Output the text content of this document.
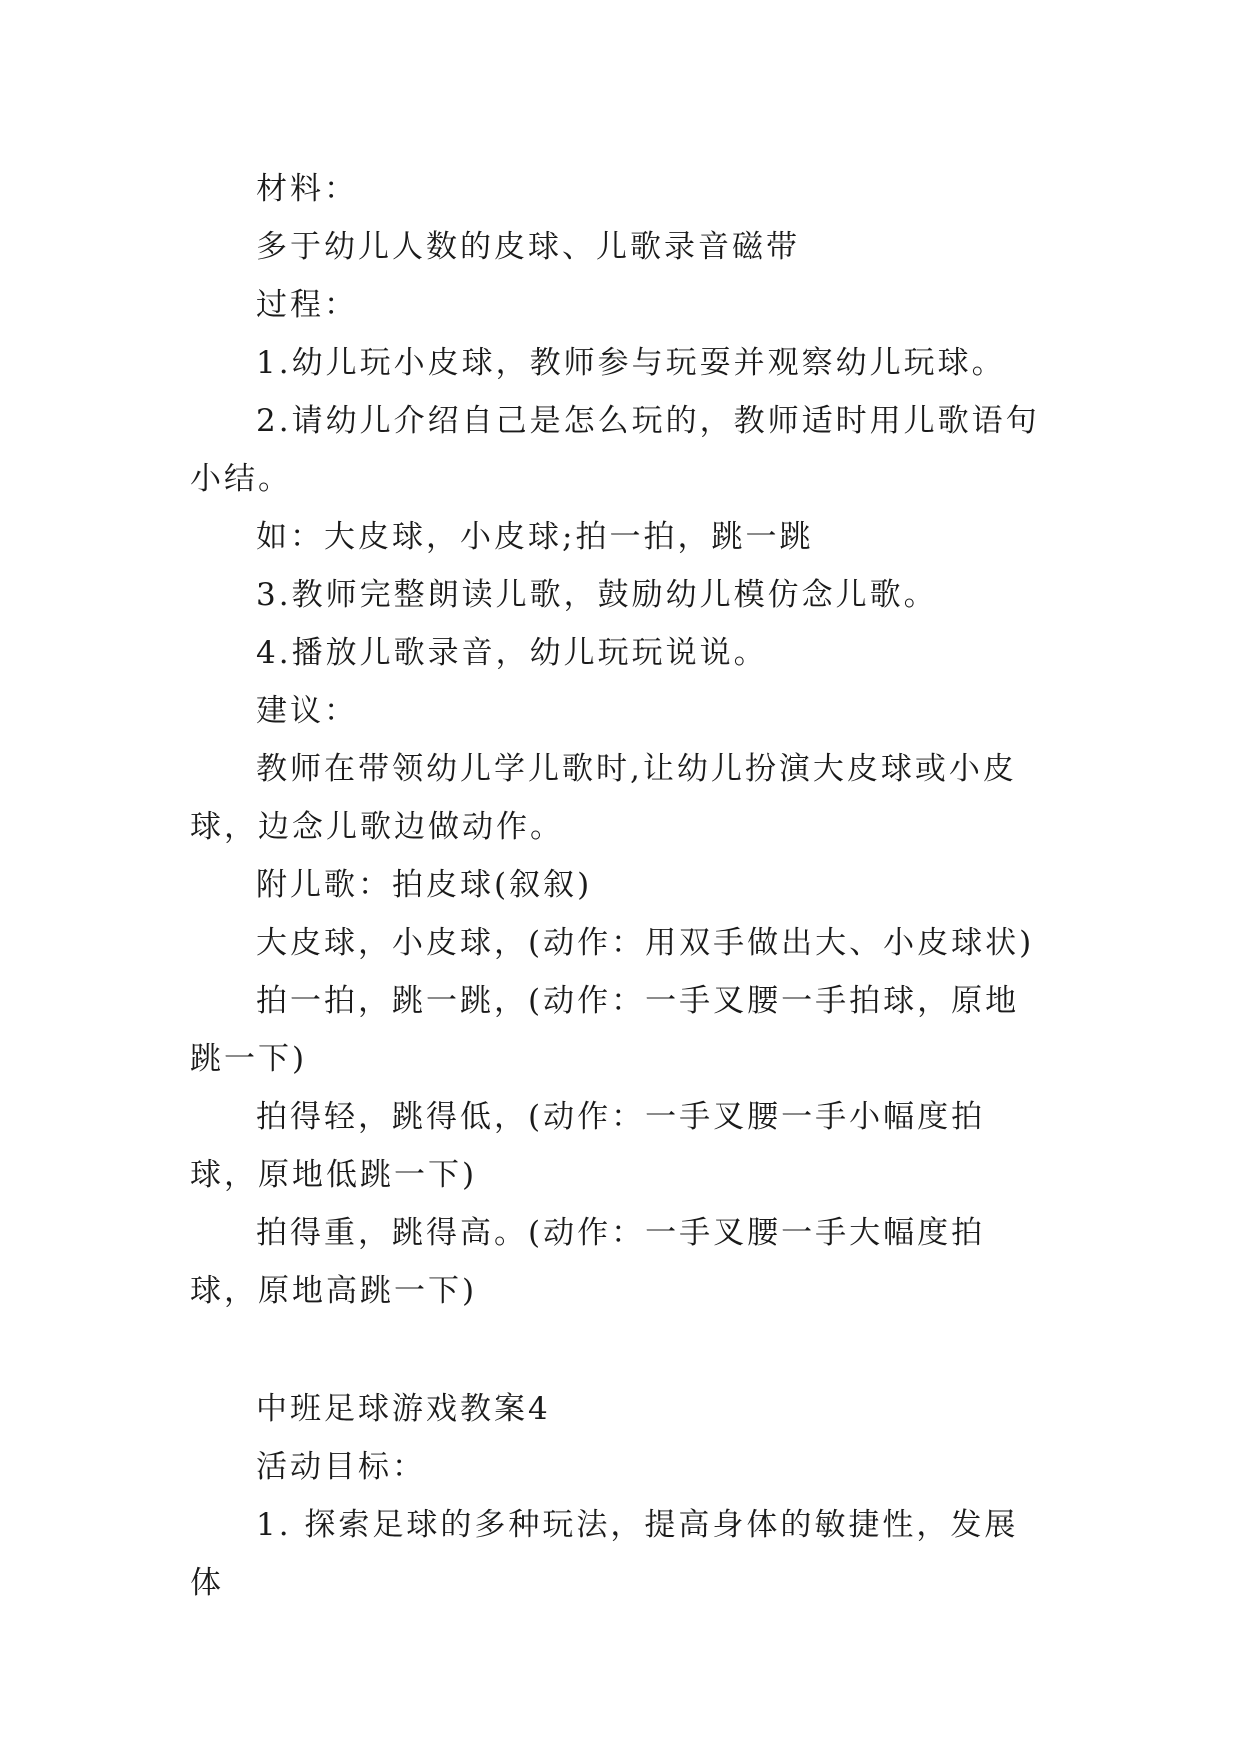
材料：

多于幼儿人数的皮球、儿歌录音磁带

过程：

1.幼儿玩小皮球，教师参与玩耍并观察幼儿玩球。

2.请幼儿介绍自己是怎么玩的，教师适时用儿歌语句小结。

如：大皮球，小皮球;拍一拍，跳一跳

3.教师完整朗读儿歌，鼓励幼儿模仿念儿歌。

4.播放儿歌录音，幼儿玩玩说说。

建议：

教师在带领幼儿学儿歌时,让幼儿扮演大皮球或小皮球，边念儿歌边做动作。

附儿歌：拍皮球(叙叙)

大皮球，小皮球，(动作：用双手做出大、小皮球状)

拍一拍，跳一跳，(动作：一手叉腰一手拍球，原地跳一下)

拍得轻，跳得低，(动作：一手叉腰一手小幅度拍球，原地低跳一下)

拍得重，跳得高。(动作：一手叉腰一手大幅度拍球，原地高跳一下)

中班足球游戏教案4

活动目标：

1. 探索足球的多种玩法，提高身体的敏捷性，发展体
